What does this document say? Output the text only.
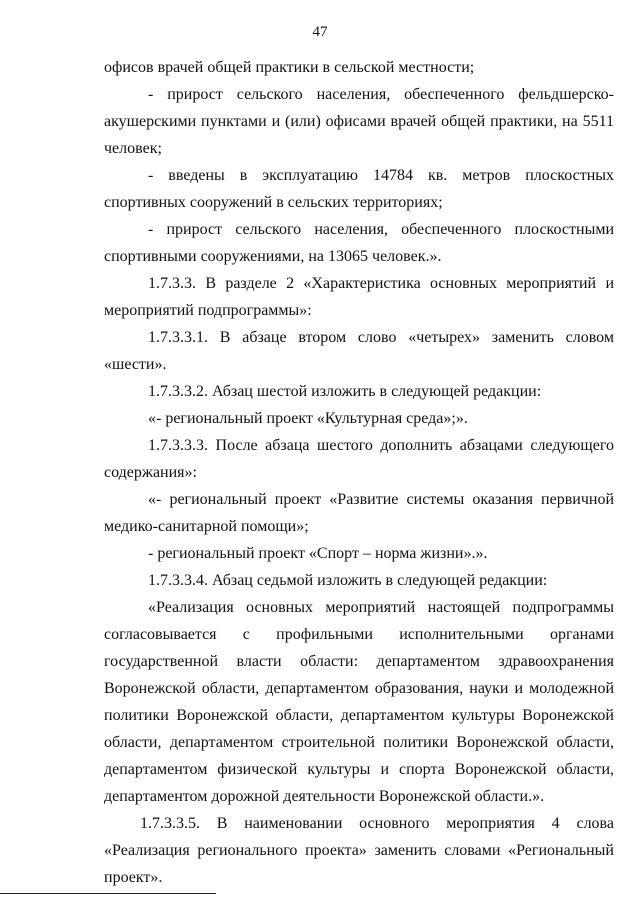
47

офисов врачей общей практики в сельской местности;

- прирост сельского населения, обеспеченного фельдшерско-акушерскими пунктами и (или) офисами врачей общей практики, на 5511 человек;

- введены в эксплуатацию 14784 кв. метров плоскостных спортивных сооружений в сельских территориях;

- прирост сельского населения, обеспеченного плоскостными спортивными сооружениями, на 13065 человек.».

1.7.3.3. В разделе 2 «Характеристика основных мероприятий и мероприятий подпрограммы»:

1.7.3.3.1. В абзаце втором слово «четырех» заменить словом «шести».

1.7.3.3.2. Абзац шестой изложить в следующей редакции:

«- региональный проект «Культурная среда»;».

1.7.3.3.3. После абзаца шестого дополнить абзацами следующего содержания»:

«- региональный проект «Развитие системы оказания первичной медико-санитарной помощи»;

- региональный проект «Спорт – норма жизни».».

1.7.3.3.4. Абзац седьмой изложить в следующей редакции:

«Реализация основных мероприятий настоящей подпрограммы согласовывается с профильными исполнительными органами государственной власти области: департаментом здравоохранения Воронежской области, департаментом образования, науки и молодежной политики Воронежской области, департаментом культуры Воронежской области, департаментом строительной политики Воронежской области, департаментом физической культуры и спорта Воронежской области, департаментом дорожной деятельности Воронежской области.».

1.7.3.3.5. В наименовании основного мероприятия 4 слова «Реализация регионального проекта» заменить словами «Региональный проект».
